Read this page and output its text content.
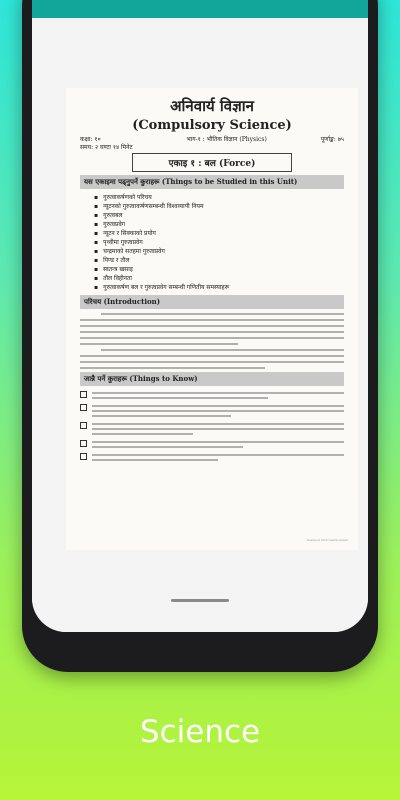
अनिवार्य विज्ञान
(Compulsory Science)
कक्षा: १०
समय: २ घण्टा १४ मिनेट
भाग-१ : भौतिक विज्ञान (Physics)	पूर्णाङ्क: ७५
एकाइ १ : बल (Force)
यस एकाइमा पढ्नुपर्ने कुराहरू (Things to be Studied in this Unit)
▪ गुरुत्वाकर्षणको परिचय
▪ न्यूटनको गुरुत्वाकर्षणसम्बन्धी विश्वव्यापी नियम
▪ गुरुत्वबल
▪ गुरुत्वप्रवेग
▪ न्यूटन र सिक्काको प्रयोग
▪ पृथ्वीमा गुरुत्वप्रवेग
▪ चन्द्रमाको सतहमा गुरुत्वप्रवेग
▪ पिण्ड र तौल
▪ स्वतन्त्र खसाइ
▪ तौल विहीनता
▪ गुरुत्वाकर्षण बल र गुरुत्वप्रवेग सम्बन्धी गणितीय समस्याहरू
परिचय (Introduction)
जान्नै पर्ने कुराहरू (Things to Know)
Scanned with CamScanner
Science
